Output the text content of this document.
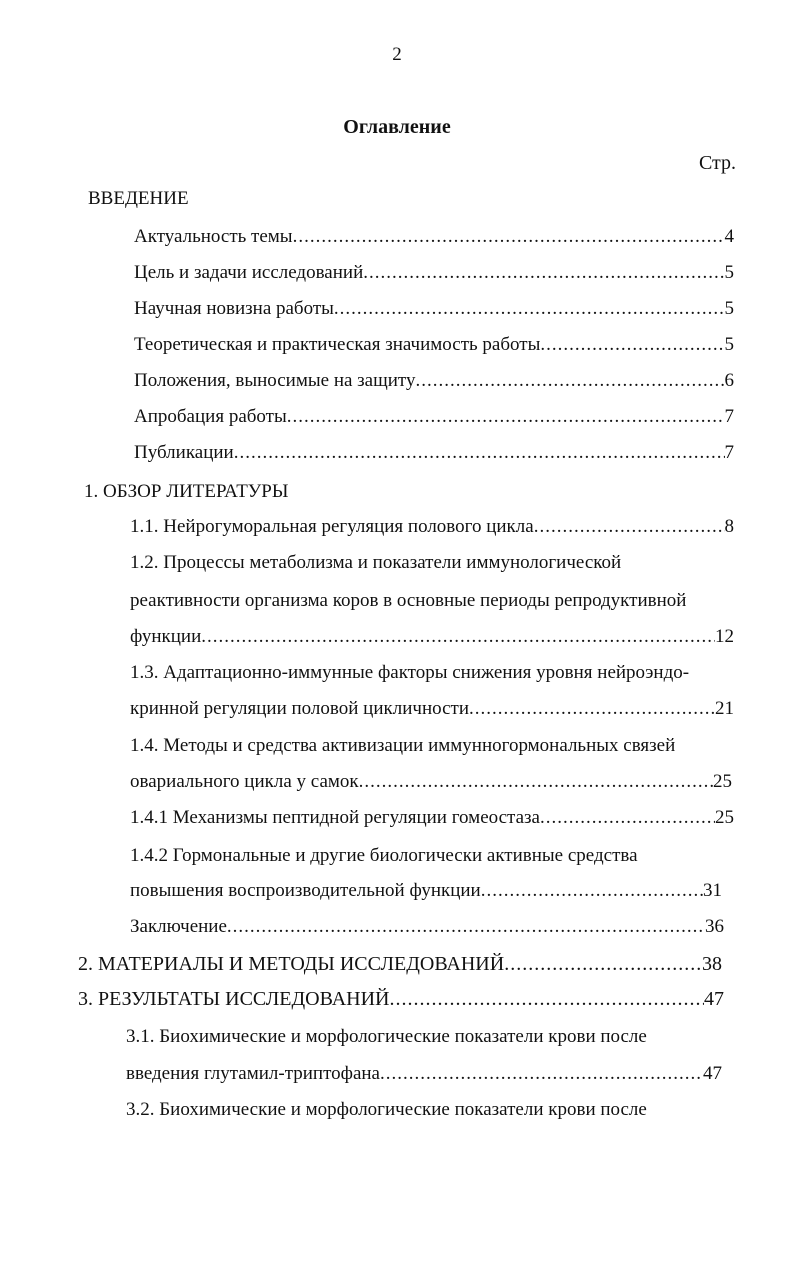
2
Оглавление
Стр.
ВВЕДЕНИЕ
Актуальность темы .....	4
Цель и задачи исследований .....	5
Научная новизна работы .....	5
Теоретическая и практическая значимость работы .....	5
Положения, выносимые на защиту .....	6
Апробация работы .....	7
Публикации .....	7
1. ОБЗОР ЛИТЕРАТУРЫ
1.1. Нейрогуморальная регуляция полового цикла .....	8
1.2. Процессы метаболизма и показатели иммунологической
реактивности организма коров в основные периоды репродуктивной
функции .....	12
1.3. Адаптационно-иммунные факторы снижения уровня нейроэндо-
кринной регуляции половой цикличности .....	21
1.4. Методы и средства активизации иммунногормональных связей
овариального цикла у самок .....	25
1.4.1 Механизмы пептидной регуляции гомеостаза .....	25
1.4.2 Гормональные и другие биологически активные средства
повышения воспроизводительной функции .....	31
Заключение .....	36
2. МАТЕРИАЛЫ И МЕТОДЫ ИССЛЕДОВАНИЙ .....	38
3. РЕЗУЛЬТАТЫ ИССЛЕДОВАНИЙ .....	47
3.1. Биохимические и морфологические показатели крови после
введения глутамил-триптофана .....	47
3.2. Биохимические и морфологические показатели крови после
